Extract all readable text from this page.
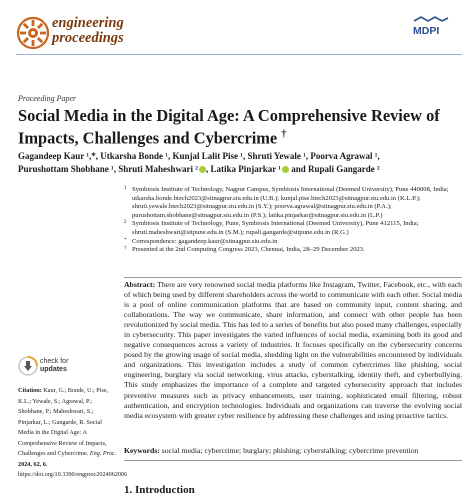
engineering
proceedings	MDPI
Proceeding Paper
Social Media in the Digital Age: A Comprehensive Review of Impacts, Challenges and Cybercrime †
Gagandeep Kaur ¹,*, Utkarsha Bonde ¹, Kunjal Lalit Pise ¹, Shruti Yewale ¹, Poorva Agrawal ¹,
Purushottam Shobhane ¹, Shruti Maheshwari ² , Latika Pinjarkar ¹ and Rupali Gangarde ²
1 Symbiosis Institute of Technology, Nagpur Campus, Symbiosis International (Deemed University), Pune 440008, India; utkarsha.bonde.btech2023@sitnagpur.siu.edu.in (U.B.); kunjal.pise.btech2023@sitnagpur.siu.edu.in (K.L.P.); shruti.yewale.btech2023@sitnagpur.siu.edu.in (S.Y.); poorva.agrawal@sitnagpur.siu.edu.in (P.A.); purushottam.shobhane@sitnagpur.siu.edu.in (P.S.); latika.pinjarkar@sitnagpur.siu.edu.in (L.P.)
2 Symbiosis Institute of Technology, Pune, Symbiosis International (Deemed University), Pune 412115, India; shruti.maheshwari@sitpune.edu.in (S.M.); rupali.gangarde@sitpune.edu.in (R.G.)
* Correspondence: gagandeep.kaur@sitnagpur.siu.edu.in
† Presented at the 2nd Computing Congress 2023, Chennai, India, 28–29 December 2023.
Abstract: There are very renowned social media platforms like Instagram, Twitter, Facebook, etc., with each of which being used by different shareholders across the world to communicate with each other. Social media is a pool of online communication platforms that are based on community input, content sharing, and collaborations. The way we communicate, share information, and connect with other people has been revolutionized by social media. This has led to a series of benefits but also posed many challenges, especially in cybersecurity. This paper investigates the varied influences of social media, examining both its good and negative consequences across a variety of industries. It focuses specifically on the cybersecurity concerns posed by the growing usage of social media, shedding light on the vulnerabilities encountered by individuals and organizations. This investigation includes a study of common cybercrimes like phishing, social engineering, burglary via social networking, virus attacks, cyberstalking, identity theft, and cyberbullying. This study emphasizes the importance of a complete and targeted cybersecurity approach that includes preventive measures such as privacy enhancements, user training, sophisticated email filtering, robust authentication, and encryption technologies. Individuals and organizations can traverse the evolving social media ecosystem with greater cyber resilience by addressing these challenges and using proactive tactics.
Keywords: social media; cybercrime; burglary; phishing; cyberstalking; cybercrime prevention
1. Introduction
check for
updates
Citation: Kaur, G.; Bonde, U.; Pise, K.L.; Yewale, S.; Agrawal, P.; Shobhane, P.; Maheshwari, S.; Pinjarkar, L.; Gangarde, R. Social Media in the Digital Age: A Comprehensive Review of Impacts, Challenges and Cybercrime. Eng. Proc. 2024, 62, 6. https://doi.org/10.3390/engproc2024062006
